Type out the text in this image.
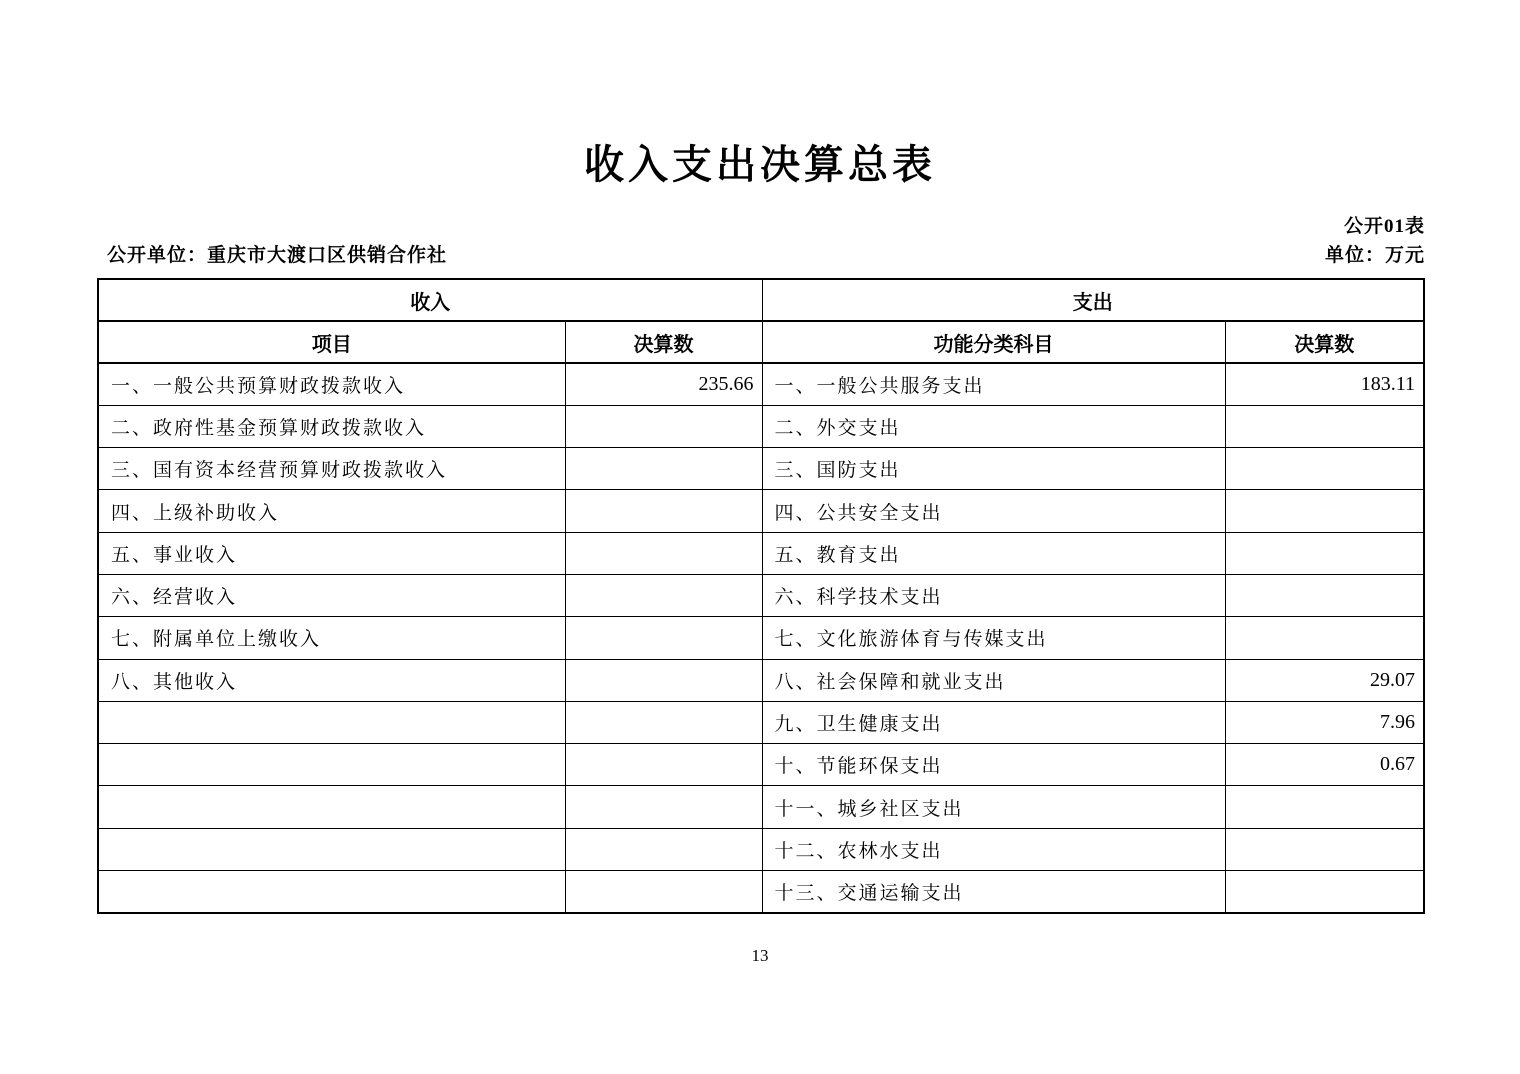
收入支出决算总表
公开01表
公开单位：重庆市大渡口区供销合作社	单位：万元
收入		支出	
项目	决算数	功能分类科目	决算数
一、一般公共预算财政拨款收入	235.66	一、一般公共服务支出	183.11
二、政府性基金预算财政拨款收入		二、外交支出	
三、国有资本经营预算财政拨款收入		三、国防支出	
四、上级补助收入		四、公共安全支出	
五、事业收入		五、教育支出	
六、经营收入		六、科学技术支出	
七、附属单位上缴收入		七、文化旅游体育与传媒支出	
八、其他收入		八、社会保障和就业支出	29.07
		九、卫生健康支出	7.96
		十、节能环保支出	0.67
		十一、城乡社区支出	
		十二、农林水支出	
		十三、交通运输支出	
13
